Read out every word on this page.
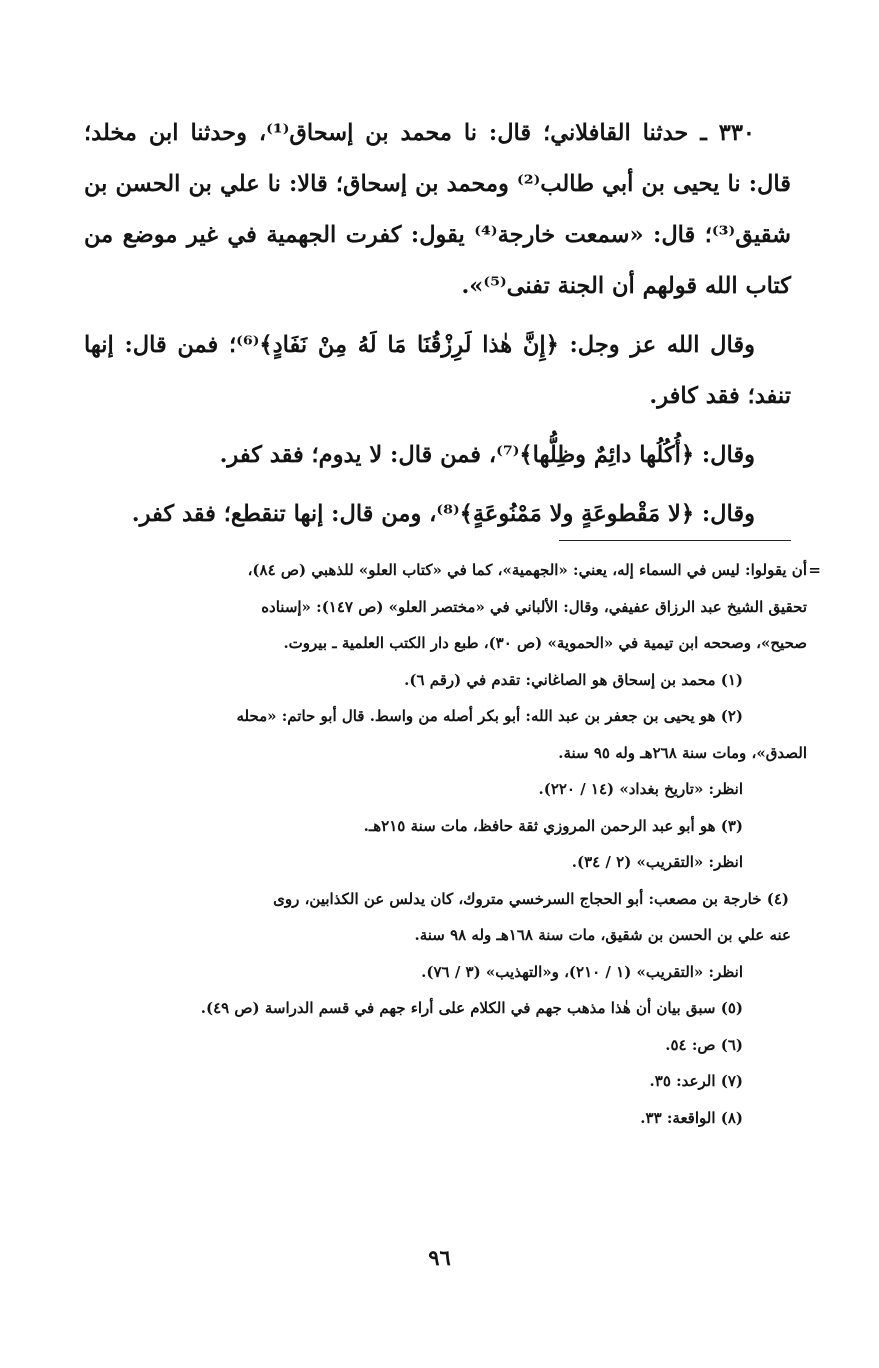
٣٣٠ ـ حدثنا القافلاني؛ قال: نا محمد بن إسحاق⁽¹⁾، وحدثنا ابن مخلد؛ قال: نا يحيى بن أبي طالب⁽²⁾ ومحمد بن إسحاق؛ قالا: نا علي بن الحسن بن شقيق⁽³⁾؛ قال: «سمعت خارجة⁽⁴⁾ يقول: كفرت الجهمية في غير موضع من كتاب الله قولهم أن الجنة تفنى⁽⁵⁾».

وقال الله عز وجل: ﴿إِنَّ هٰذا لَرِزْقُنَا مَا لَهُ مِنْ نَفَادٍ﴾⁽⁶⁾؛ فمن قال: إنها تنفد؛ فقد كافر.

وقال: ﴿أُكُلُها دائِمٌ وظِلُّها﴾⁽⁷⁾، فمن قال: لا يدوم؛ فقد كفر.

وقال: ﴿لا مَقْطوعَةٍ ولا مَمْنُوعَةٍ﴾⁽⁸⁾، ومن قال: إنها تنقطع؛ فقد كفر.

=
أن يقولوا: ليس في السماء إله، يعني: «الجهمية»، كما في «كتاب العلو» للذهبي (ص ٨٤)،

تحقيق الشيخ عبد الرزاق عفيفي، وقال: الألباني في «مختصر العلو» (ص ١٤٧): «إسناده

صحيح»، وصححه ابن تيمية في «الحموية» (ص ٣٠)، طبع دار الكتب العلمية ـ بيروت.

(١) محمد بن إسحاق هو الصاغاني: تقدم في (رقم ٦).

(٢) هو يحيى بن جعفر بن عبد الله: أبو بكر أصله من واسط. قال أبو حاتم: «محله

الصدق»، ومات سنة ٢٦٨هـ وله ٩٥ سنة.

انظر: «تاريخ بغداد» (١٤ / ٢٢٠).

(٣) هو أبو عبد الرحمن المروزي ثقة حافظ، مات سنة ٢١٥هـ.

انظر: «التقريب» (٢ / ٣٤).

(٤) خارجة بن مصعب: أبو الحجاج السرخسي متروك، كان يدلس عن الكذابين، روى

عنه علي بن الحسن بن شقيق، مات سنة ١٦٨هـ وله ٩٨ سنة.

انظر: «التقريب» (١ / ٢١٠)، و«التهذيب» (٣ / ٧٦).

(٥) سبق بيان أن هٰذا مذهب جهم في الكلام على أراء جهم في قسم الدراسة (ص ٤٩).

(٦) ص: ٥٤.

(٧) الرعد: ٣٥.

(٨) الواقعة: ٣٣.

٩٦
